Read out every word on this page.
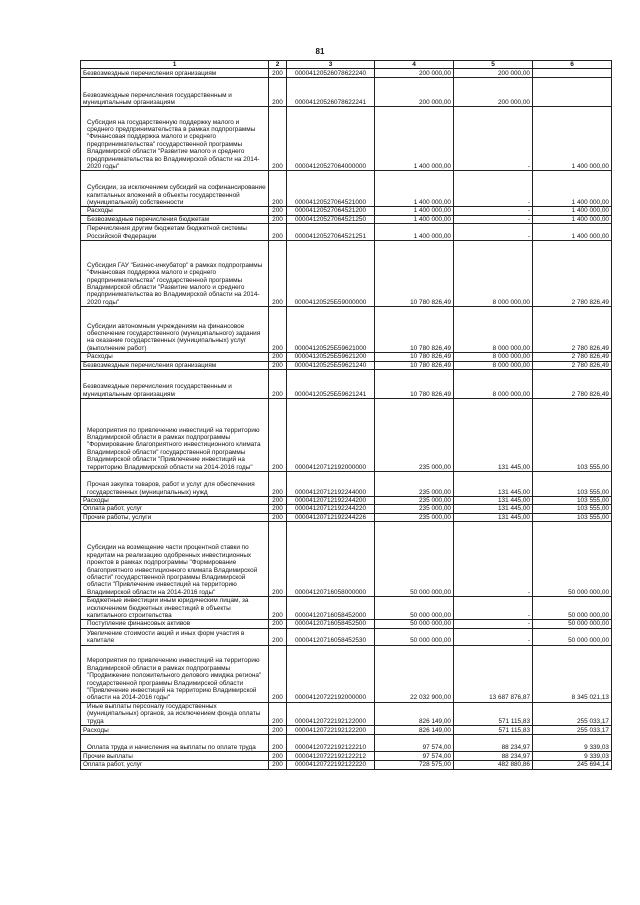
81
1	2	3	4	5	6
Безвозмездные перечисления организациям	200	00004120526078622240	200 000,00	200 000,00	
Безвозмездные перечисления государственным и муниципальным организациям	200	00004120526078622241	200 000,00	200 000,00	
Субсидия на государственную поддержку малого и среднего предпринимательства в рамках подпрограммы "Финансовая поддержка малого и среднего предпринимательства" государственной программы Владимирской области "Развитие малого и среднего предпринимательства во Владимирской области на 2014-2020 годы"	200	00004120527064000000	1 400 000,00	-	1 400 000,00
Субсидии, за исключением субсидий на софинансирование капитальных вложений в объекты государственной (муниципальной) собственности	200	00004120527064521000	1 400 000,00	-	1 400 000,00
Расходы	200	00004120527064521200	1 400 000,00	-	1 400 000,00
Безвозмездные перечисления бюджетам	200	00004120527064521250	1 400 000,00	-	1 400 000,00
Перечисления другим бюджетам бюджетной системы Российской Федерации	200	00004120527064521251	1 400 000,00	-	1 400 000,00
Субсидия ГАУ "Бизнес-инкубатор" в рамках подпрограммы "Финансовая поддержка малого и среднего предпринимательства" государственной программы Владимирской области "Развитие малого и среднего предпринимательства во Владимирской области на 2014-2020 годы"	200	00004120525Б59000000	10 780 826,49	8 000 000,00	2 780 826,49
Субсидии автономным учреждениям на финансовое обеспечение государственного (муниципального) задания на оказание государственных (муниципальных) услуг (выполнение работ)	200	00004120525Б59621000	10 780 826,49	8 000 000,00	2 780 826,49
Расходы	200	00004120525Б59621200	10 780 826,49	8 000 000,00	2 780 826,49
Безвозмездные перечисления организациям	200	00004120525Б59621240	10 780 826,49	8 000 000,00	2 780 826,49
Безвозмездные перечисления государственным и муниципальным организациям	200	00004120525Б59621241	10 780 826,49	8 000 000,00	2 780 826,49
Мероприятия по привлечению инвестиций на территорию Владимирской области в рамках подпрограммы "Формирование благоприятного инвестиционного климата Владимирской области" государственной программы Владимирской области "Привлечение инвестиций на территорию Владимирской области на 2014-2016 годы"	200	00004120712192000000	235 000,00	131 445,00	103 555,00
Прочая закупка товаров, работ и услуг для обеспечения государственных (муниципальных) нужд	200	00004120712192244000	235 000,00	131 445,00	103 555,00
Расходы	200	00004120712192244200	235 000,00	131 445,00	103 555,00
Оплата работ, услуг	200	00004120712192244220	235 000,00	131 445,00	103 555,00
Прочие работы, услуги	200	00004120712192244226	235 000,00	131 445,00	103 555,00
Субсидии на возмещение части процентной ставки по кредитам на реализацию одобренных инвестиционных проектов в рамках подпрограммы "Формирование благоприятного инвестиционного климата Владимирской области" государственной программы Владимирской области "Привлечение инвестиций на территорию Владимирской области на 2014-2016 годы"	200	00004120716058000000	50 000 000,00	-	50 000 000,00
Бюджетные инвестиции иным юридическим лицам, за исключением бюджетных инвестиций в объекты капитального строительства	200	00004120716058452000	50 000 000,00	-	50 000 000,00
Поступление финансовых активов	200	00004120716058452500	50 000 000,00	-	50 000 000,00
Увеличение стоимости акций и иных форм участия в капитале	200	00004120716058452530	50 000 000,00	-	50 000 000,00
Мероприятия по привлечению инвестиций на территорию Владимирской области в рамках подпрограммы "Продвижение положительного делового имиджа региона" государственной программы Владимирской области "Привлечение инвестиций на территорию Владимирской области на 2014-2016 годы"	200	00004120722192000000	22 032 900,00	13 687 876,87	8 345 021,13
Иные выплаты персоналу государственных (муниципальных) органов, за исключением фонда оплаты труда	200	00004120722192122000	826 149,00	571 115,83	255 033,17
Расходы	200	00004120722192122200	826 149,00	571 115,83	255 033,17
Оплата труда и начисления на выплаты по оплате труда	200	00004120722192122210	97 574,00	88 234,97	9 339,03
Прочие выплаты	200	00004120722192122212	97 574,00	88 234,97	9 339,03
Оплата работ, услуг	200	00004120722192122220	728 575,00	482 880,86	245 694,14
